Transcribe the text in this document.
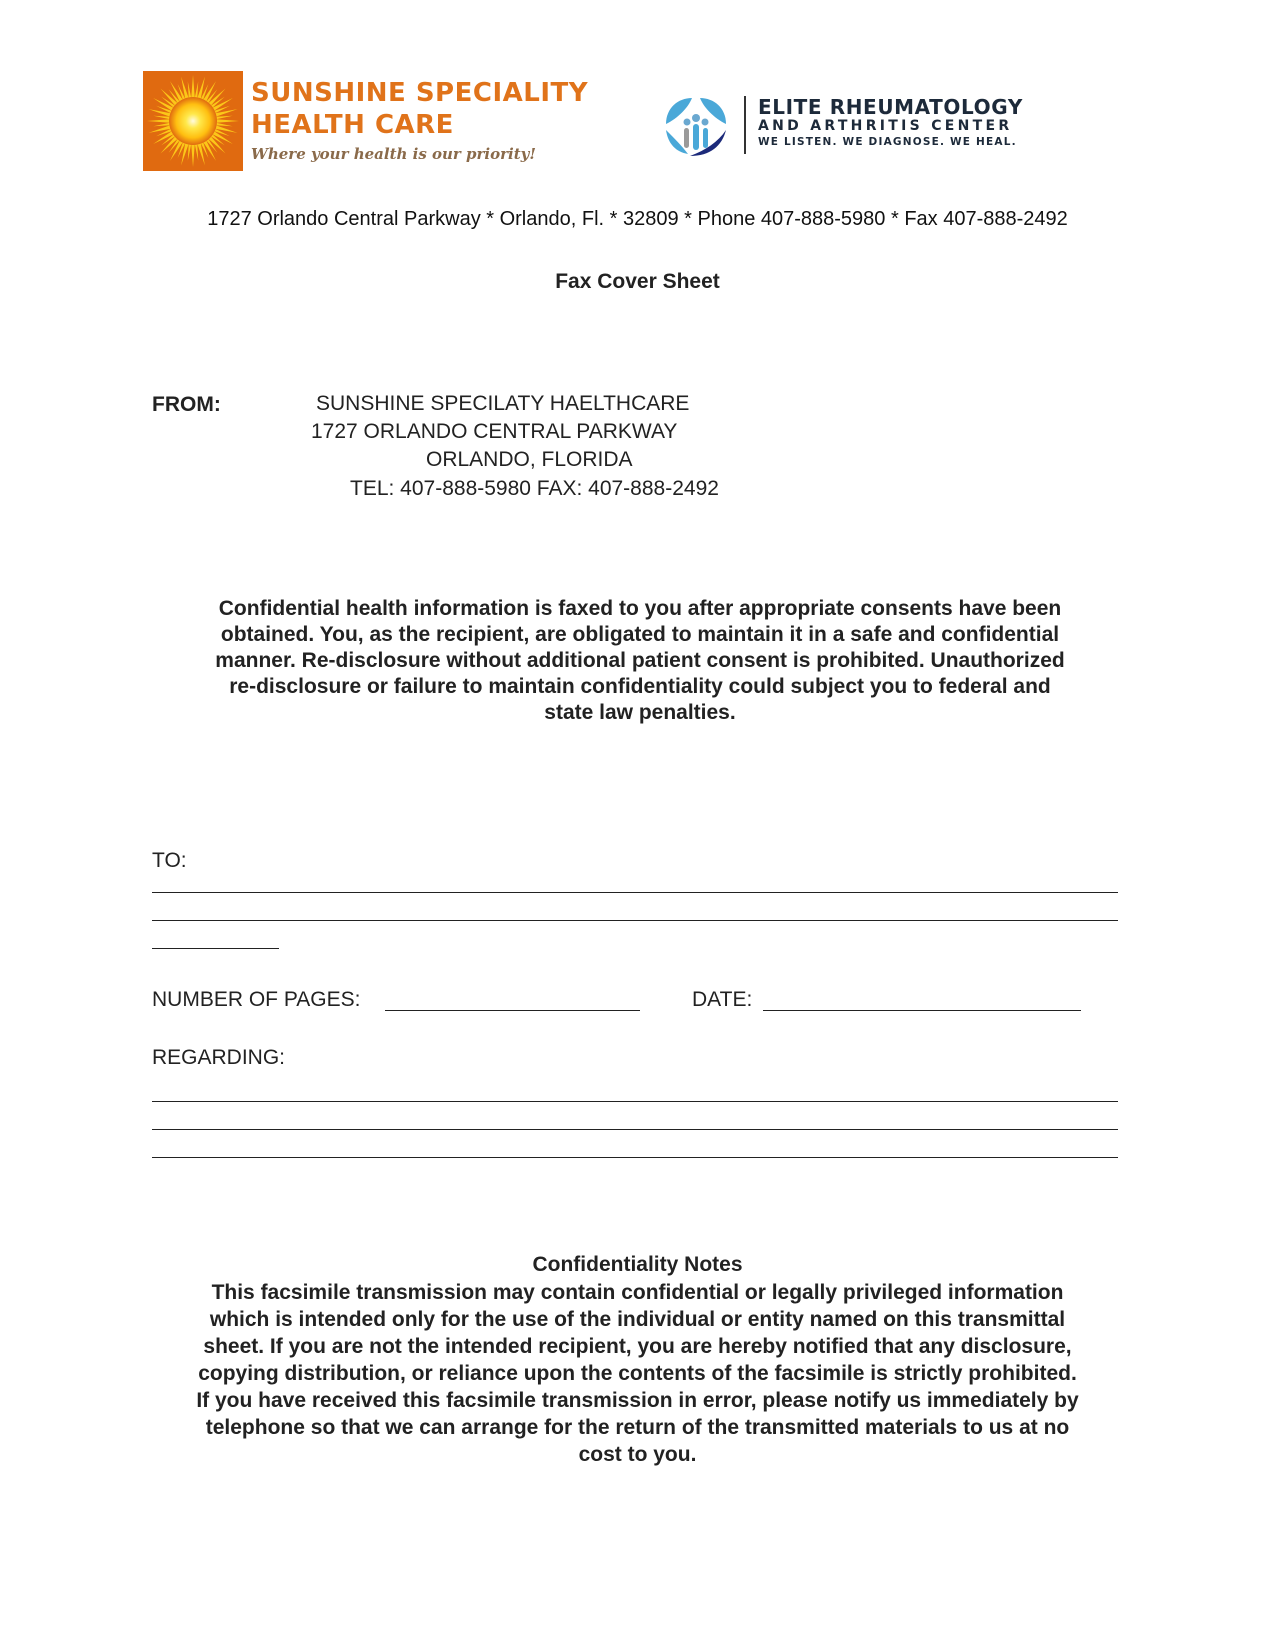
SUNSHINE SPECIALITY
HEALTH CARE
Where your health is our priority!
ELITE RHEUMATOLOGY
AND ARTHRITIS CENTER
WE LISTEN. WE DIAGNOSE. WE HEAL.
1727 Orlando Central Parkway * Orlando, Fl. * 32809 * Phone 407-888-5980 * Fax 407-888-2492
Fax Cover Sheet
FROM:	SUNSHINE SPECILATY HAELTHCARE
1727 ORLANDO CENTRAL PARKWAY
ORLANDO, FLORIDA
TEL: 407-888-5980 FAX: 407-888-2492
Confidential health information is faxed to you after appropriate consents have been
obtained. You, as the recipient, are obligated to maintain it in a safe and confidential
manner. Re-disclosure without additional patient consent is prohibited. Unauthorized
re-disclosure or failure to maintain confidentiality could subject you to federal and
state law penalties.
TO:
NUMBER OF PAGES:	DATE:
REGARDING:
Confidentiality Notes
This facsimile transmission may contain confidential or legally privileged information
which is intended only for the use of the individual or entity named on this transmittal
sheet. If you are not the intended recipient, you are hereby notified that any disclosure,
copying distribution, or reliance upon the contents of the facsimile is strictly prohibited.
If you have received this facsimile transmission in error, please notify us immediately by
telephone so that we can arrange for the return of the transmitted materials to us at no
cost to you.
